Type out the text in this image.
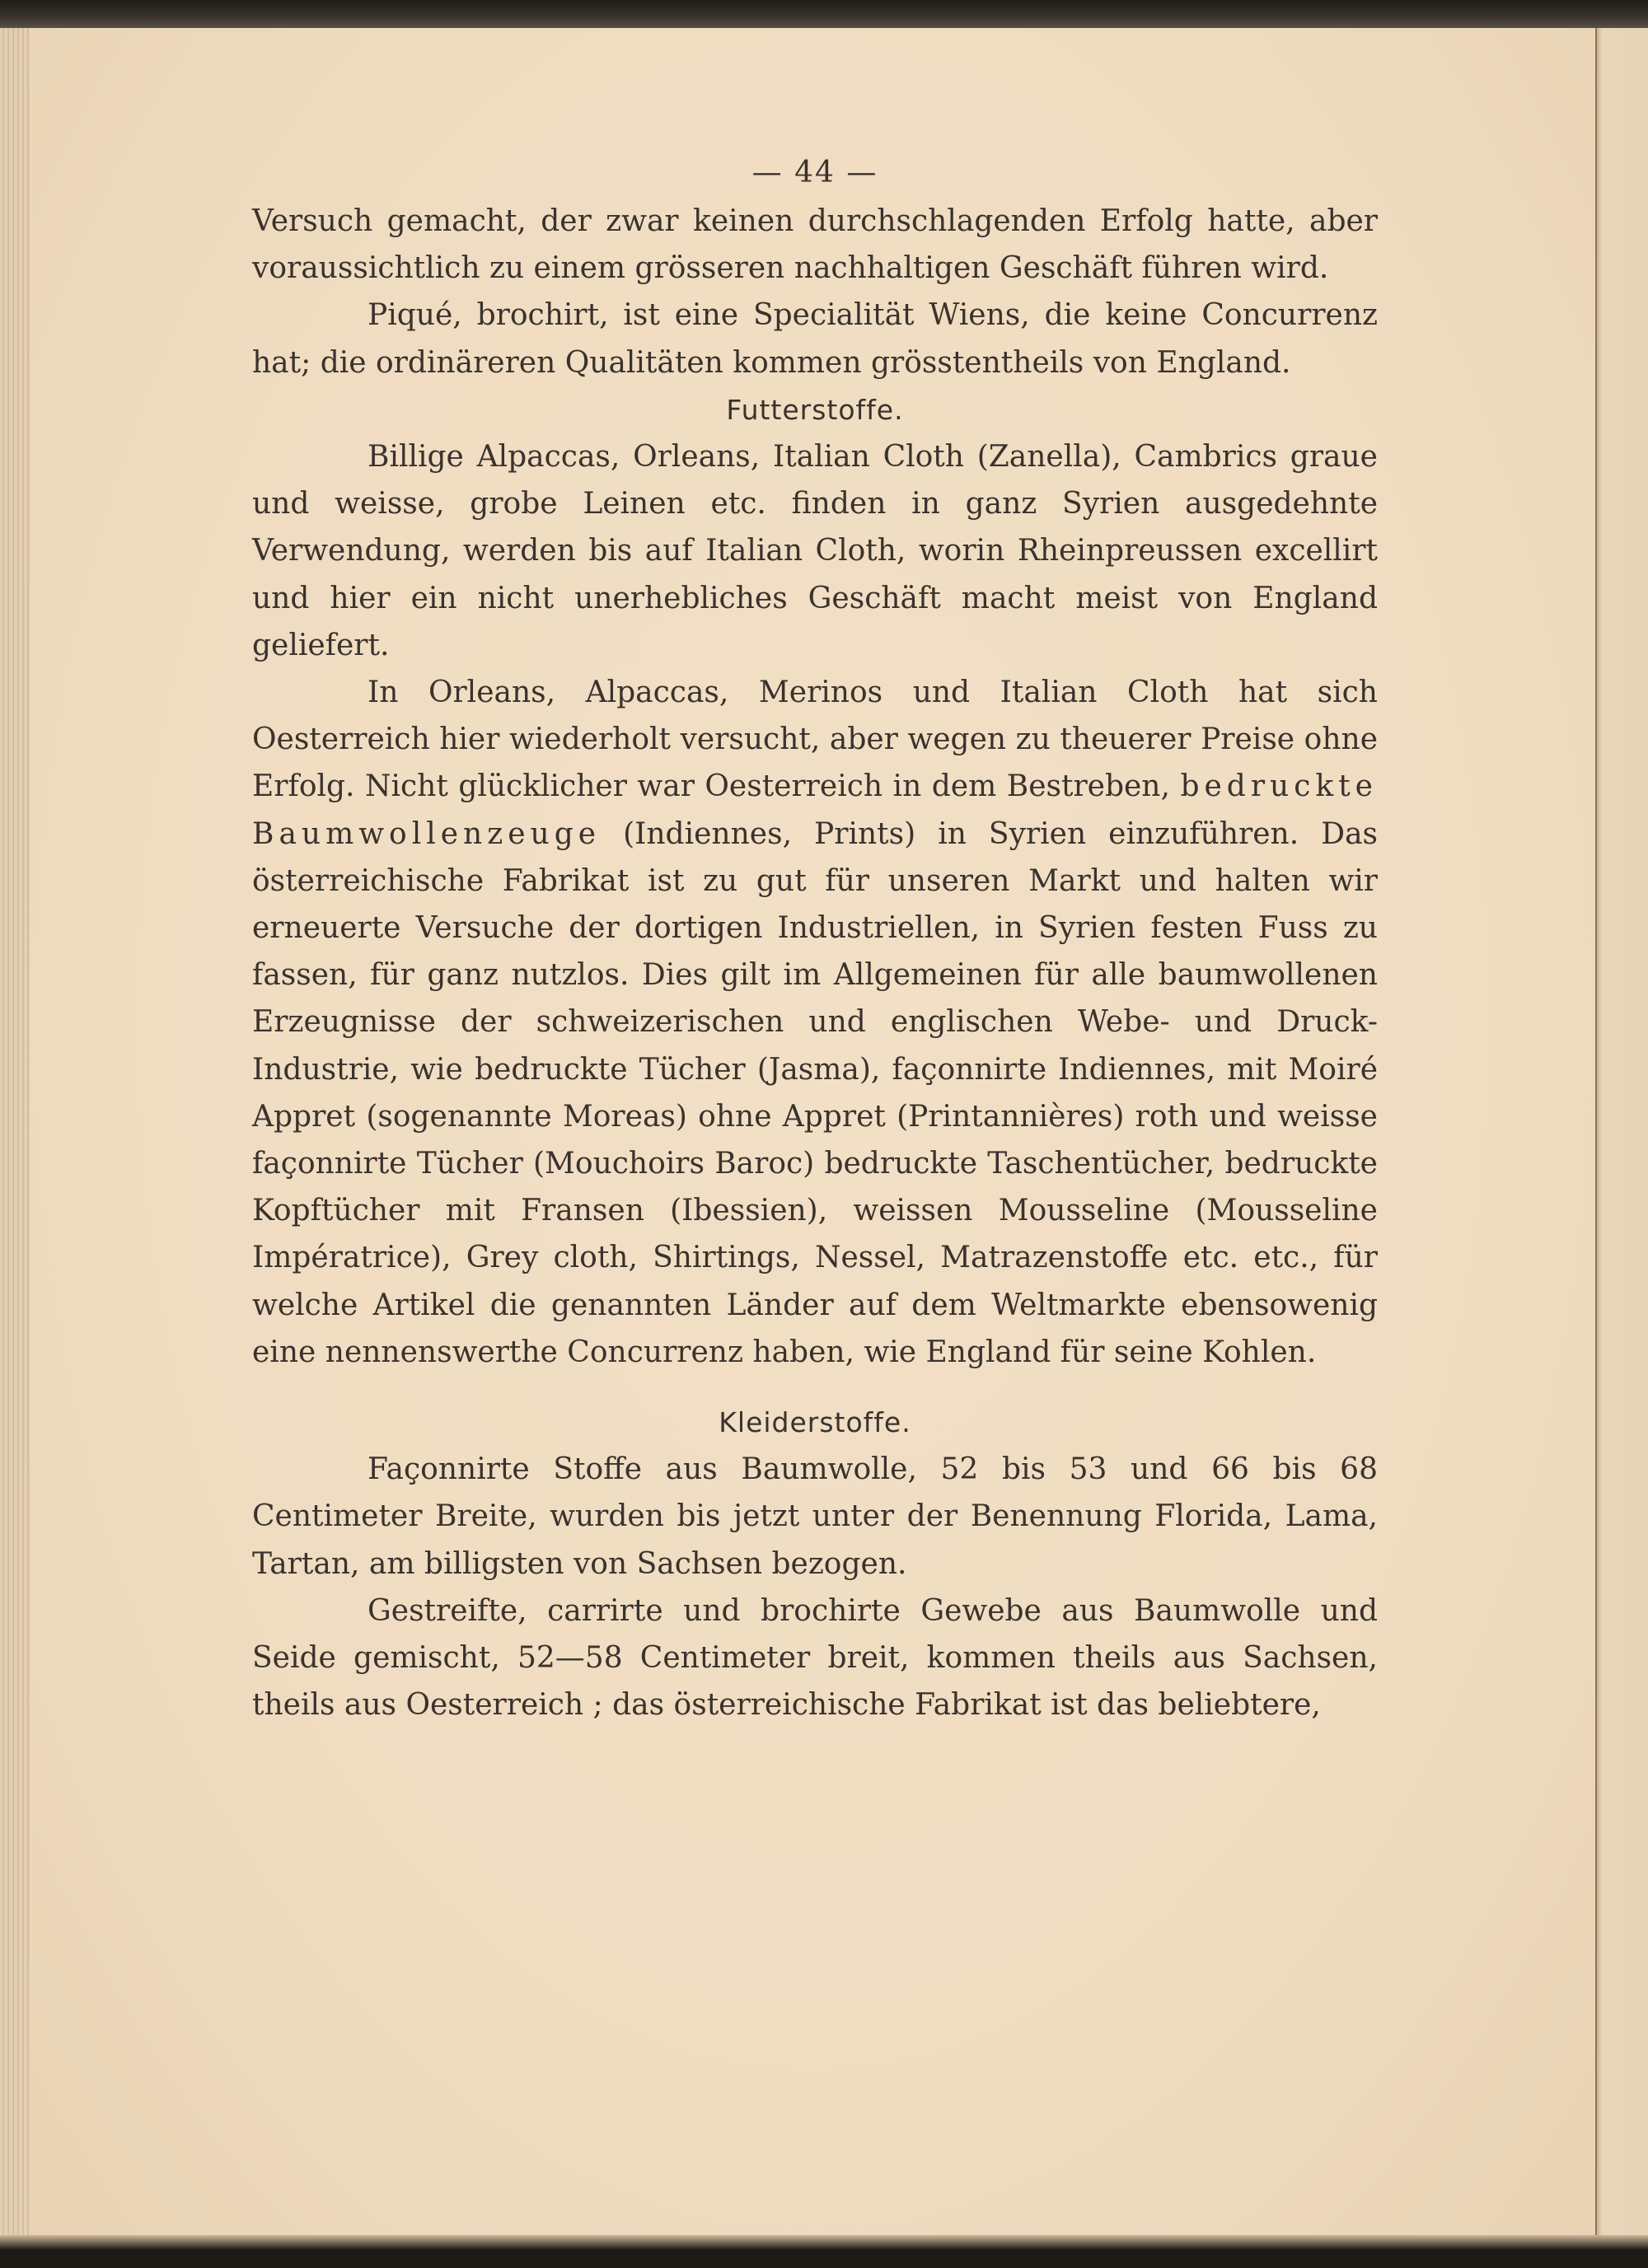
— 44 —

Versuch gemacht, der zwar keinen durchschlagenden Erfolg hatte, aber voraussichtlich zu einem grösseren nachhaltigen Geschäft führen wird.

Piqué, brochirt, ist eine Specialität Wiens, die keine Concurrenz hat; die ordinäreren Qualitäten kommen grösstentheils von England.

Futterstoffe.

Billige Alpaccas, Orleans, Italian Cloth (Zanella), Cambrics graue und weisse, grobe Leinen etc. finden in ganz Syrien ausgedehnte Verwendung, werden bis auf Italian Cloth, worin Rheinpreussen excellirt und hier ein nicht unerhebliches Geschäft macht meist von England geliefert.

In Orleans, Alpaccas, Merinos und Italian Cloth hat sich Oesterreich hier wiederholt versucht, aber wegen zu theuerer Preise ohne Erfolg. Nicht glücklicher war Oesterreich in dem Bestreben, bedruckte Baumwollenzeuge (Indiennes, Prints) in Syrien einzuführen. Das österreichische Fabrikat ist zu gut für unseren Markt und halten wir erneuerte Versuche der dortigen Industriellen, in Syrien festen Fuss zu fassen, für ganz nutzlos. Dies gilt im Allgemeinen für alle baumwollenen Erzeugnisse der schweizerischen und englischen Webe- und Druck-Industrie, wie bedruckte Tücher (Jasma), façonnirte Indiennes, mit Moiré Appret (sogenannte Moreas) ohne Appret (Printannières) roth und weisse façonnirte Tücher (Mouchoirs Baroc) bedruckte Taschentücher, bedruckte Kopftücher mit Fransen (Ibessien), weissen Mousseline (Mousseline Impératrice), Grey cloth, Shirtings, Nessel, Matrazenstoffe etc. etc., für welche Artikel die genannten Länder auf dem Weltmarkte ebensowenig eine nennenswerthe Concurrenz haben, wie England für seine Kohlen.

Kleiderstoffe.

Façonnirte Stoffe aus Baumwolle, 52 bis 53 und 66 bis 68 Centimeter Breite, wurden bis jetzt unter der Benennung Florida, Lama, Tartan, am billigsten von Sachsen bezogen.

Gestreifte, carrirte und brochirte Gewebe aus Baumwolle und Seide gemischt, 52—58 Centimeter breit, kommen theils aus Sachsen, theils aus Oesterreich ; das österreichische Fabrikat ist das beliebtere,
